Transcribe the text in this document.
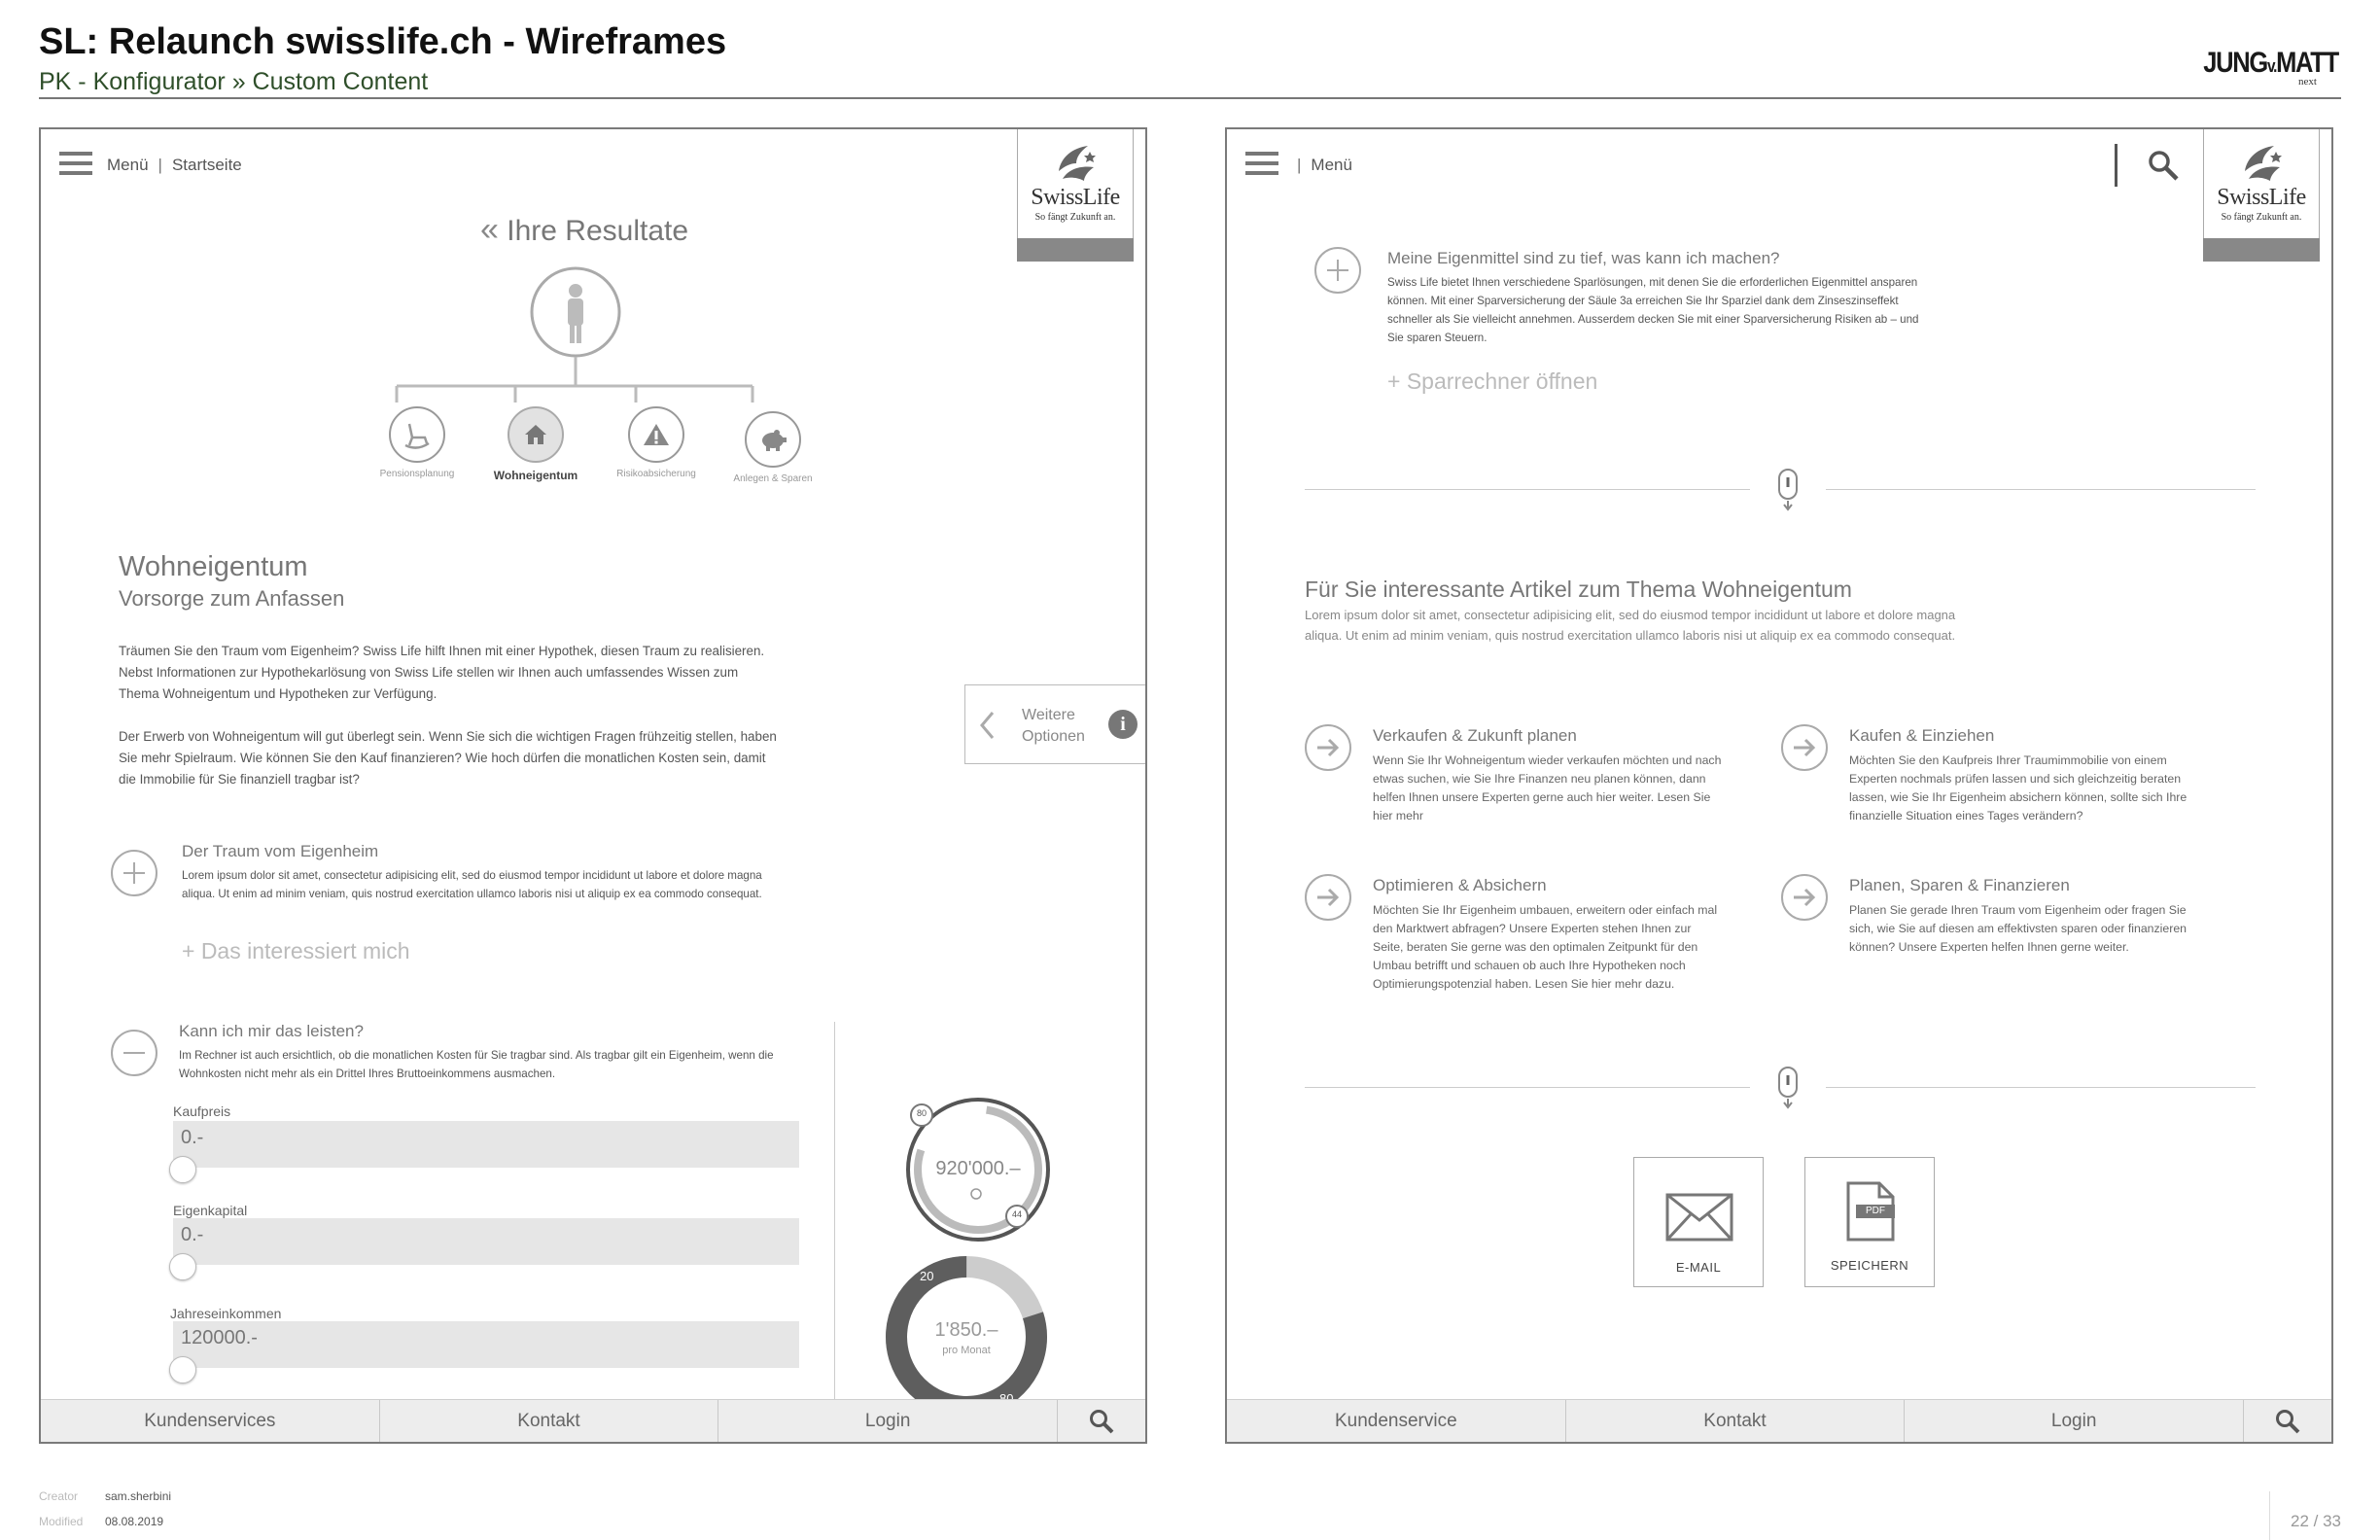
SL: Relaunch swisslife.ch - Wireframes
PK - Konfigurator » Custom Content
JUNGv.MATT
next
Menü | Startseite
SwissLife
So fängt Zukunft an.
« Ihre Resultate
Pensionsplanung	Wohneigentum	Risikoabsicherung	Anlegen & Sparen
Wohneigentum
Vorsorge zum Anfassen

Träumen Sie den Traum vom Eigenheim? Swiss Life hilft Ihnen mit einer Hypothek, diesen Traum zu realisieren. Nebst Informationen zur Hypothekarlösung von Swiss Life stellen wir Ihnen auch umfassendes Wissen zum Thema Wohneigentum und Hypotheken zur Verfügung.

Der Erwerb von Wohneigentum will gut überlegt sein. Wenn Sie sich die wichtigen Fragen frühzeitig stellen, haben Sie mehr Spielraum. Wie können Sie den Kauf finanzieren? Wie hoch dürfen die monatlichen Kosten sein, damit die Immobilie für Sie finanziell tragbar ist?

Weitere
Optionen
i
Der Traum vom Eigenheim

Lorem ipsum dolor sit amet, consectetur adipisicing elit, sed do eiusmod tempor incididunt ut labore et dolore magna aliqua. Ut enim ad minim veniam, quis nostrud exercitation ullamco laboris nisi ut aliquip ex ea commodo consequat.

+ Das interessiert mich
Kann ich mir das leisten?

Im Rechner ist auch ersichtlich, ob die monatlichen Kosten für Sie tragbar sind. Als tragbar gilt ein Eigenheim, wenn die Wohnkosten nicht mehr als ein Drittel Ihres Bruttoeinkommens ausmachen.

Kaufpreis
0.-
Eigenkapital
0.-
Jahreseinkommen
120000.-
80
44
920'000.–
20
1'850.–
pro Monat
Kundenservices	Kontakt	Login
| Menü
SwissLife
So fängt Zukunft an.
Meine Eigenmittel sind zu tief, was kann ich machen?

Swiss Life bietet Ihnen verschiedene Sparlösungen, mit denen Sie die erforderlichen Eigenmittel ansparen können. Mit einer Sparversicherung der Säule 3a erreichen Sie Ihr Sparziel dank dem Zinseszinseffekt schneller als Sie vielleicht annehmen. Ausserdem decken Sie mit einer Sparversicherung Risiken ab – und Sie sparen Steuern.

+ Sparrechner öffnen
Für Sie interessante Artikel zum Thema Wohneigentum

Lorem ipsum dolor sit amet, consectetur adipisicing elit, sed do eiusmod tempor incididunt ut labore et dolore magna aliqua. Ut enim ad minim veniam, quis nostrud exercitation ullamco laboris nisi ut aliquip ex ea commodo consequat.

Verkaufen & Zukunft planen
Wenn Sie Ihr Wohneigentum wieder verkaufen möchten und nach etwas suchen, wie Sie Ihre Finanzen neu planen können, dann helfen Ihnen unsere Experten gerne auch hier weiter. Lesen Sie hier mehr
Kaufen & Einziehen
Möchten Sie den Kaufpreis Ihrer Traumimmobilie von einem Experten nochmals prüfen lassen und sich gleichzeitig beraten lassen, wie Sie Ihr Eigenheim absichern können, sollte sich Ihre finanzielle Situation eines Tages verändern?
Optimieren & Absichern
Möchten Sie Ihr Eigenheim umbauen, erweitern oder einfach mal den Marktwert abfragen? Unsere Experten stehen Ihnen zur Seite, beraten Sie gerne was den optimalen Zeitpunkt für den Umbau betrifft und schauen ob auch Ihre Hypotheken noch Optimierungspotenzial haben. Lesen Sie hier mehr dazu.
Planen, Sparen & Finanzieren
Planen Sie gerade Ihren Traum vom Eigenheim oder fragen Sie sich, wie Sie auf diesen am effektivsten sparen oder finanzieren können? Unsere Experten helfen Ihnen gerne weiter.
E-MAIL
PDF
SPEICHERN
Kundenservice	Kontakt	Login
Creator sam.sherbini
Modified 08.08.2019	22 / 33
